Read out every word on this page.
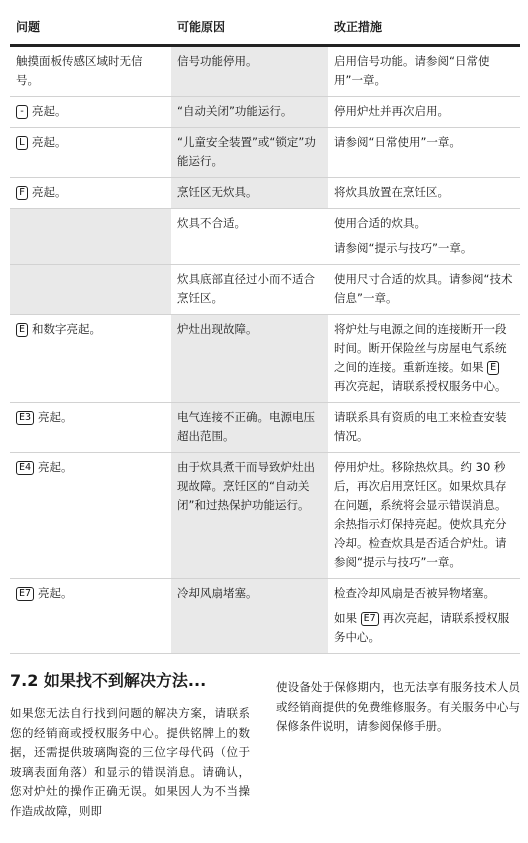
问题	可能原因	改正措施
触摸面板传感区域时无信号。	信号功能停用。	启用信号功能。请参阅“日常使用”一章。
- 亮起。	“自动关闭”功能运行。	停用炉灶并再次启用。
L 亮起。	“儿童安全装置”或“锁定”功能运行。	请参阅“日常使用”一章。
F 亮起。	烹饪区无炊具。	将炊具放置在烹饪区。
	炊具不合适。	使用合适的炊具。
请参阅“提示与技巧”一章。

	炊具底部直径过小而不适合烹饪区。	使用尺寸合适的炊具。请参阅“技术信息”一章。
E 和数字亮起。	炉灶出现故障。	将炉灶与电源之间的连接断开一段时间。断开保险丝与房屋电气系统之间的连接。重新连接。如果 E再次亮起，请联系授权服务中心。
E3 亮起。	电气连接不正确。电源电压超出范围。	请联系具有资质的电工来检查安装情况。
E4 亮起。	由于炊具煮干而导致炉灶出现故障。烹饪区的“自动关闭”和过热保护功能运行。	停用炉灶。移除热炊具。约 30 秒后，再次启用烹饪区。如果炊具存在问题，系统将会显示错误消息。余热指示灯保持亮起。使炊具充分冷却。检查炊具是否适合炉灶。请参阅“提示与技巧”一章。
E7 亮起。	冷却风扇堵塞。	检查冷却风扇是否被异物堵塞。
如果 E7 再次亮起，请联系授权服务中心。
7.2 如果找不到解决方法...

如果您无法自行找到问题的解决方案，请联系您的经销商或授权服务中心。提供铭牌上的数据，还需提供玻璃陶瓷的三位字母代码（位于玻璃表面角落）和显示的错误消息。请确认，您对炉灶的操作正确无误。如果因人为不当操作造成故障，则即

使设备处于保修期内，也无法享有服务技术人员或经销商提供的免费维修服务。有关服务中心与保修条件说明，请参阅保修手册。
